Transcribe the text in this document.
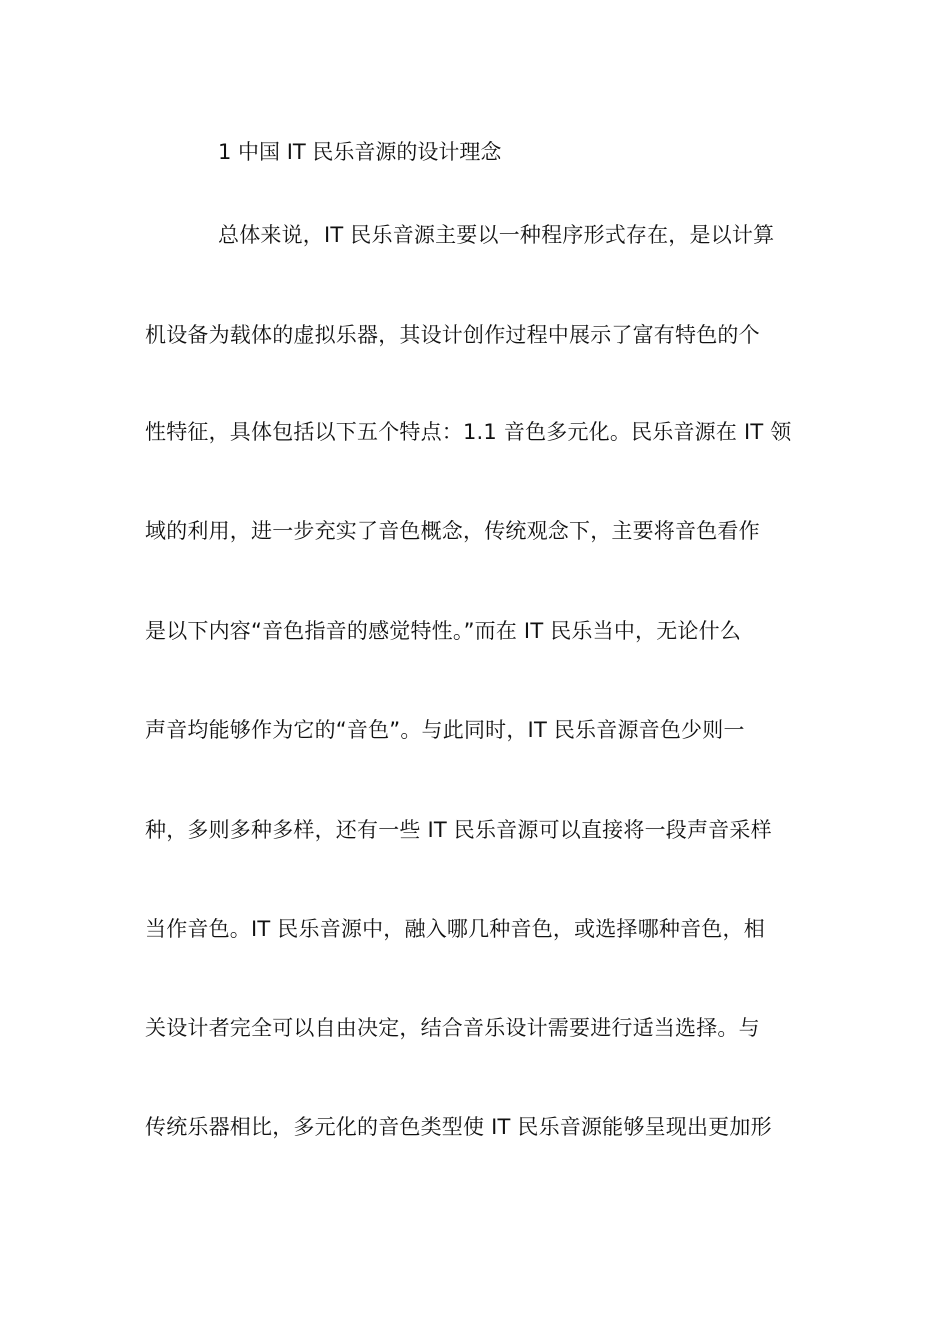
1 中国 IT 民乐音源的设计理念
总体来说，IT 民乐音源主要以一种程序形式存在，是以计算
机设备为载体的虚拟乐器，其设计创作过程中展示了富有特色的个
性特征，具体包括以下五个特点：1.1 音色多元化。民乐音源在 IT 领
域的利用，进一步充实了音色概念，传统观念下，主要将音色看作
是以下内容“音色指音的感觉特性。”而在 IT 民乐当中，无论什么
声音均能够作为它的“音色”。与此同时，IT 民乐音源音色少则一
种，多则多种多样，还有一些 IT 民乐音源可以直接将一段声音采样
当作音色。IT 民乐音源中，融入哪几种音色，或选择哪种音色，相
关设计者完全可以自由决定，结合音乐设计需要进行适当选择。与
传统乐器相比，多元化的音色类型使 IT 民乐音源能够呈现出更加形
